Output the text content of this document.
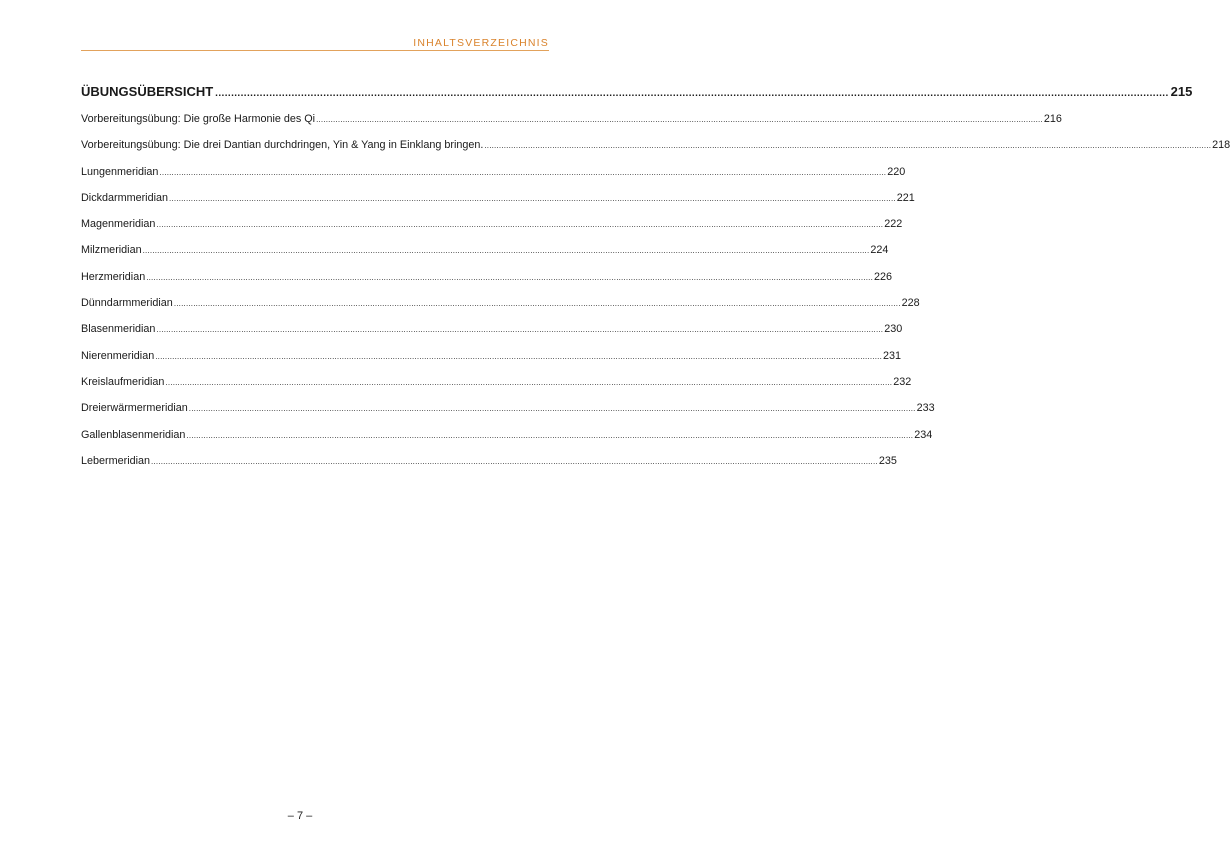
INHALTSVERZEICHNIS
ÜBUNGSÜBERSICHT ............................................................................................................................................................................................................................................................................................................ 215
Vorbereitungsübung: Die große Harmonie des Qi ............................................................................................................................................................................................................................................................................................................ 216
Vorbereitungsübung: Die drei Dantian durchdringen, Yin & Yang in Einklang bringen. ............................................................................................................................................................................................................................................................................................................ 218
Lungenmeridian ............................................................................................................................................................................................................................................................................................................ 220
Dickdarmmeridian ............................................................................................................................................................................................................................................................................................................ 221
Magenmeridian ............................................................................................................................................................................................................................................................................................................ 222
Milzmeridian ............................................................................................................................................................................................................................................................................................................ 224
Herzmeridian ............................................................................................................................................................................................................................................................................................................ 226
Dünndarmmeridian ............................................................................................................................................................................................................................................................................................................ 228
Blasenmeridian ............................................................................................................................................................................................................................................................................................................ 230
Nierenmeridian ............................................................................................................................................................................................................................................................................................................ 231
Kreislaufmeridian ............................................................................................................................................................................................................................................................................................................ 232
Dreierwärmermeridian ............................................................................................................................................................................................................................................................................................................ 233
Gallenblasenmeridian ............................................................................................................................................................................................................................................................................................................ 234
Lebermeridian ............................................................................................................................................................................................................................................................................................................ 235
– 7 –
